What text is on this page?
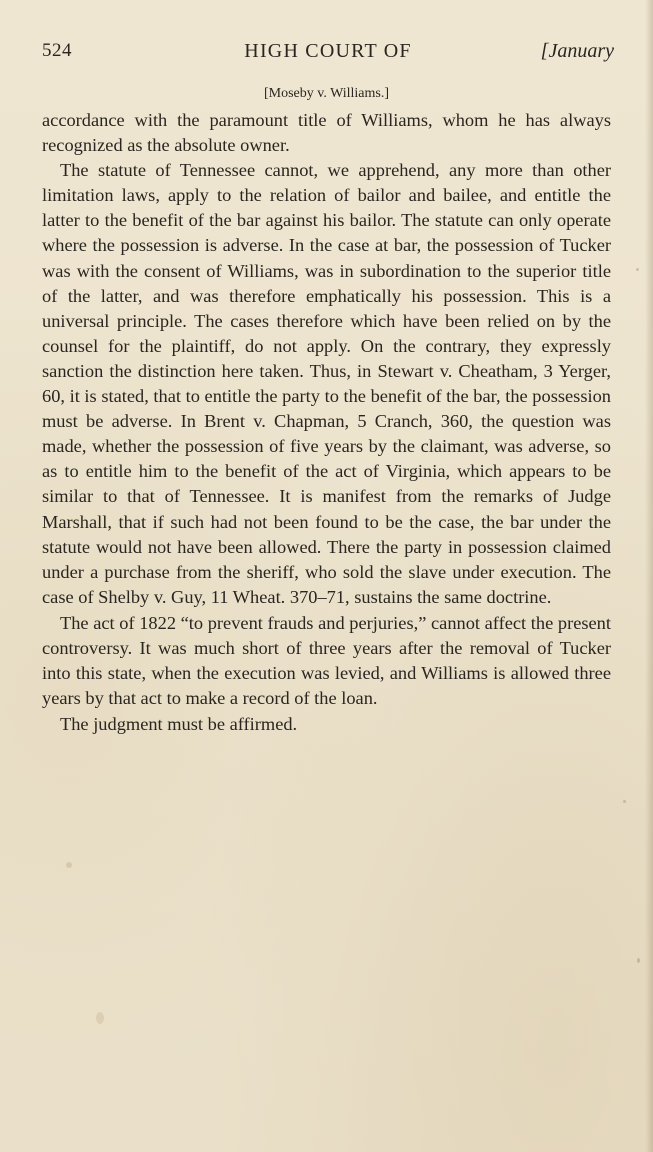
524	HIGH COURT OF	[January
[Moseby v. Williams.]

accordance with the paramount title of Williams, whom he has always recognized as the absolute owner.

The statute of Tennessee cannot, we apprehend, any more than other limitation laws, apply to the relation of bailor and bailee, and entitle the latter to the benefit of the bar against his bailor. The statute can only operate where the possession is adverse. In the case at bar, the possession of Tucker was with the consent of Williams, was in subordination to the superior title of the latter, and was therefore emphatically his possession. This is a universal principle. The cases therefore which have been relied on by the counsel for the plaintiff, do not apply. On the contrary, they expressly sanction the distinction here taken. Thus, in Stewart v. Cheatham, 3 Yerger, 60, it is stated, that to entitle the party to the benefit of the bar, the possession must be adverse. In Brent v. Chapman, 5 Cranch, 360, the question was made, whether the possession of five years by the claimant, was adverse, so as to entitle him to the benefit of the act of Virginia, which appears to be similar to that of Tennessee. It is manifest from the remarks of Judge Marshall, that if such had not been found to be the case, the bar under the statute would not have been allowed. There the party in possession claimed under a purchase from the sheriff, who sold the slave under execution. The case of Shelby v. Guy, 11 Wheat. 370–71, sustains the same doctrine.

The act of 1822 “to prevent frauds and perjuries,” cannot affect the present controversy. It was much short of three years after the removal of Tucker into this state, when the execution was levied, and Williams is allowed three years by that act to make a record of the loan.

The judgment must be affirmed.
